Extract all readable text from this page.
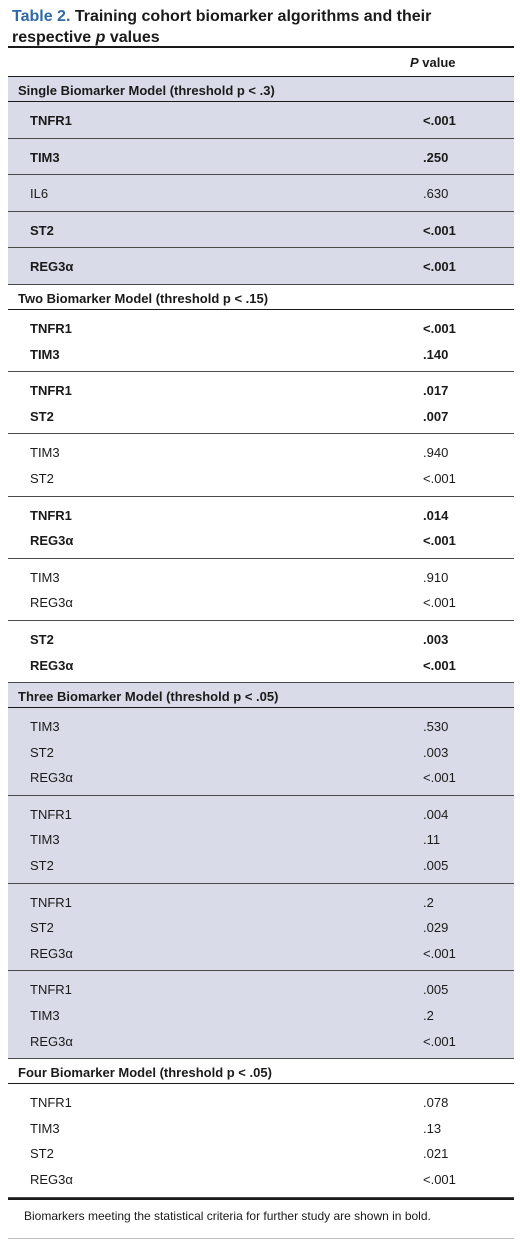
Table 2. Training cohort biomarker algorithms and their respective p values
P value
Single Biomarker Model (threshold p < .3)
TNFR1	<.001
TIM3	.250
IL6	.630
ST2	<.001
REG3α	<.001
Two Biomarker Model (threshold p < .15)
TNFR1	<.001
TIM3	.140
TNFR1	.017
ST2	.007
TIM3	.940
ST2	<.001
TNFR1	.014
REG3α	<.001
TIM3	.910
REG3α	<.001
ST2	.003
REG3α	<.001
Three Biomarker Model (threshold p < .05)
TIM3	.530
ST2	.003
REG3α	<.001
TNFR1	.004
TIM3	.11
ST2	.005
TNFR1	.2
ST2	.029
REG3α	<.001
TNFR1	.005
TIM3	.2
REG3α	<.001
Four Biomarker Model (threshold p < .05)
TNFR1	.078
TIM3	.13
ST2	.021
REG3α	<.001
Biomarkers meeting the statistical criteria for further study are shown in bold.
